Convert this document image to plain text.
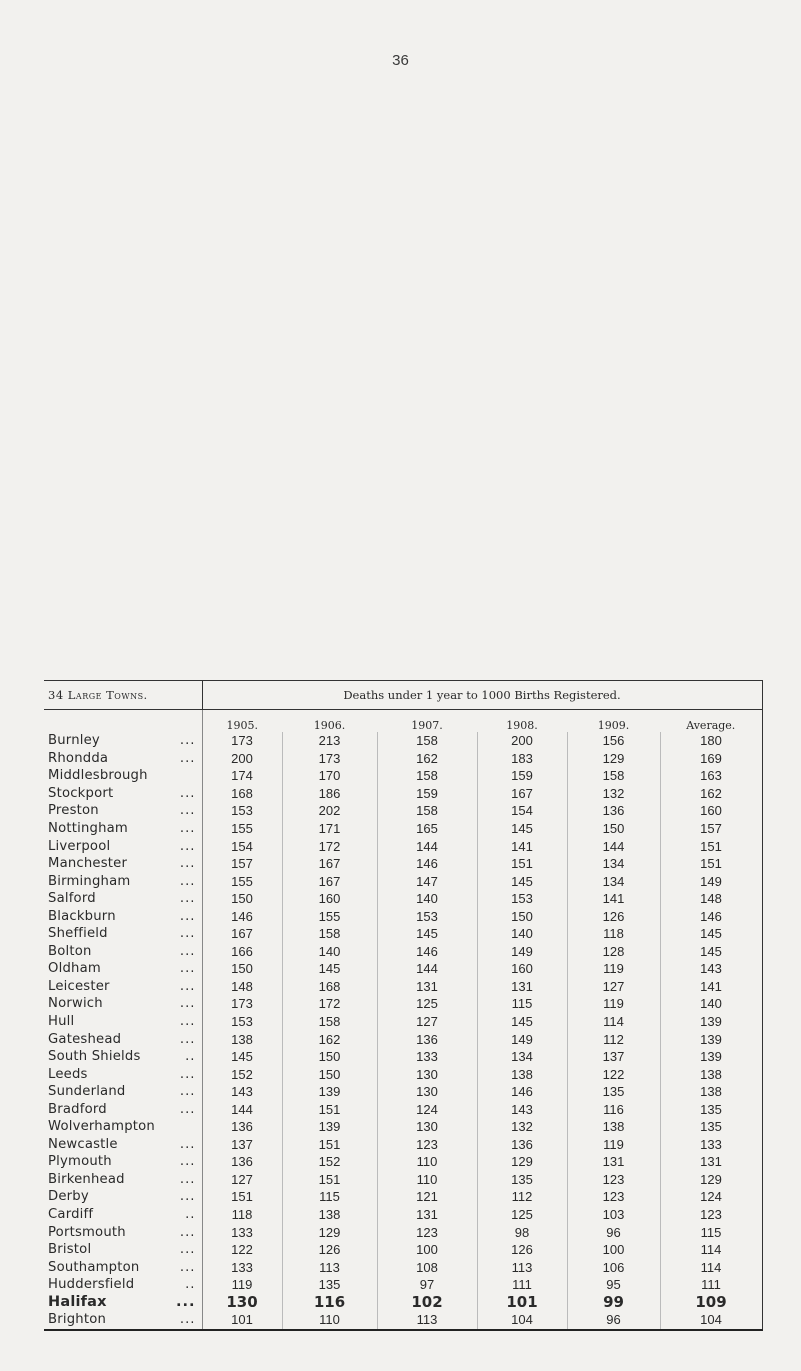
36
34 Large Towns.	Deaths under 1 year to 1000 Births Registered.					
	1905.	1906.	1907.	1908.	1909.	Average.
Burnley ...	173	213	158	200	156	180
Rhondda ...	200	173	162	183	129	169
Middlesbrough	174	170	158	159	158	163
Stockport ...	168	186	159	167	132	162
Preston ...	153	202	158	154	136	160
Nottingham ...	155	171	165	145	150	157
Liverpool ...	154	172	144	141	144	151
Manchester ...	157	167	146	151	134	151
Birmingham ...	155	167	147	145	134	149
Salford ...	150	160	140	153	141	148
Blackburn ...	146	155	153	150	126	146
Sheffield ...	167	158	145	140	118	145
Bolton ...	166	140	146	149	128	145
Oldham ...	150	145	144	160	119	143
Leicester ...	148	168	131	131	127	141
Norwich ...	173	172	125	115	119	140
Hull ...	153	158	127	145	114	139
Gateshead ...	138	162	136	149	112	139
South Shields ..	145	150	133	134	137	139
Leeds ...	152	150	130	138	122	138
Sunderland ...	143	139	130	146	135	138
Bradford ...	144	151	124	143	116	135
Wolverhampton	136	139	130	132	138	135
Newcastle ...	137	151	123	136	119	133
Plymouth ...	136	152	110	129	131	131
Birkenhead ...	127	151	110	135	123	129
Derby ...	151	115	121	112	123	124
Cardiff ..	118	138	131	125	103	123
Portsmouth ...	133	129	123	98	96	115
Bristol ...	122	126	100	126	100	114
Southampton ...	133	113	108	113	106	114
Huddersfield ..	119	135	97	111	95	111
Halifax ...	130	116	102	101	99	109
Brighton ...	101	110	113	104	96	104
